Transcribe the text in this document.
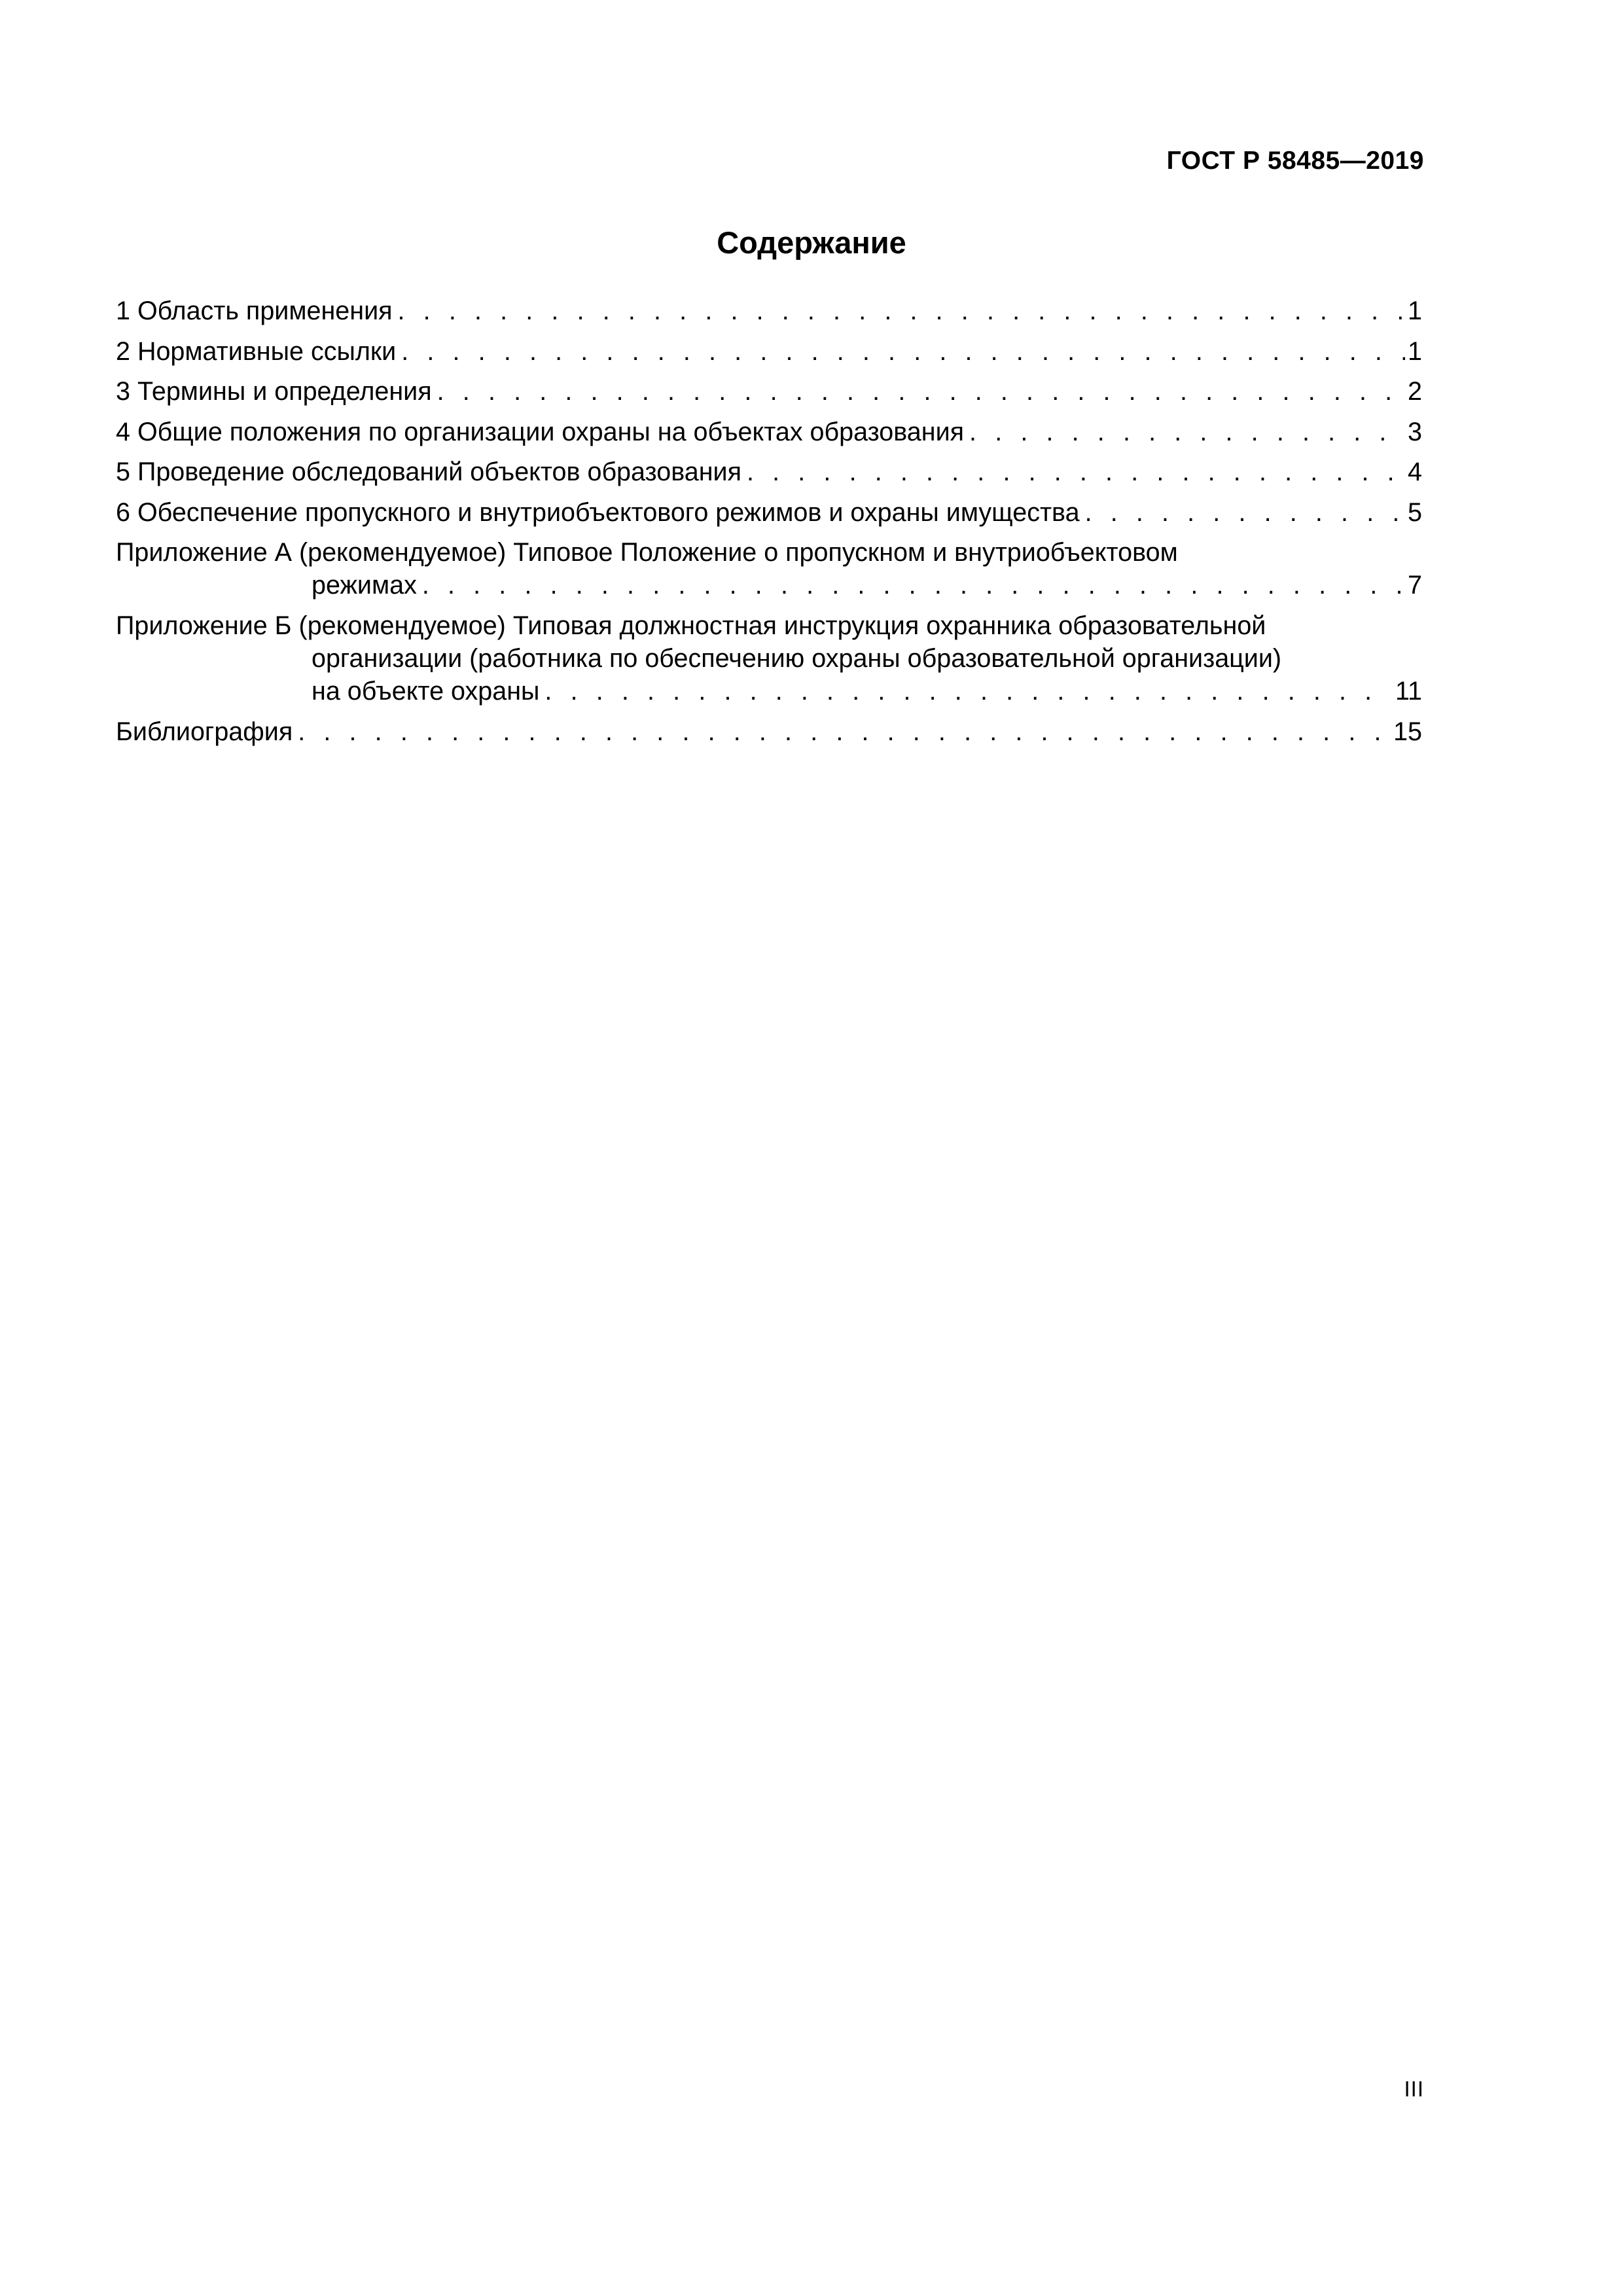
ГОСТ Р 58485—2019
Содержание
1 Область применения . . .	1
2 Нормативные ссылки . . .	1
3 Термины и определения . . .	2
4 Общие положения по организации охраны на объектах образования . . .	3
5 Проведение обследований объектов образования . . .	4
6 Обеспечение пропускного и внутриобъектового режимов и охраны имущества . . .	5
Приложение А (рекомендуемое) Типовое Положение о пропускном и внутриобъектовом
режимах . . .	7
Приложение Б (рекомендуемое) Типовая должностная инструкция охранника образовательной
организации (работника по обеспечению охраны образовательной организации)
на объекте охраны . . .	11
Библиография . . .	15
III
